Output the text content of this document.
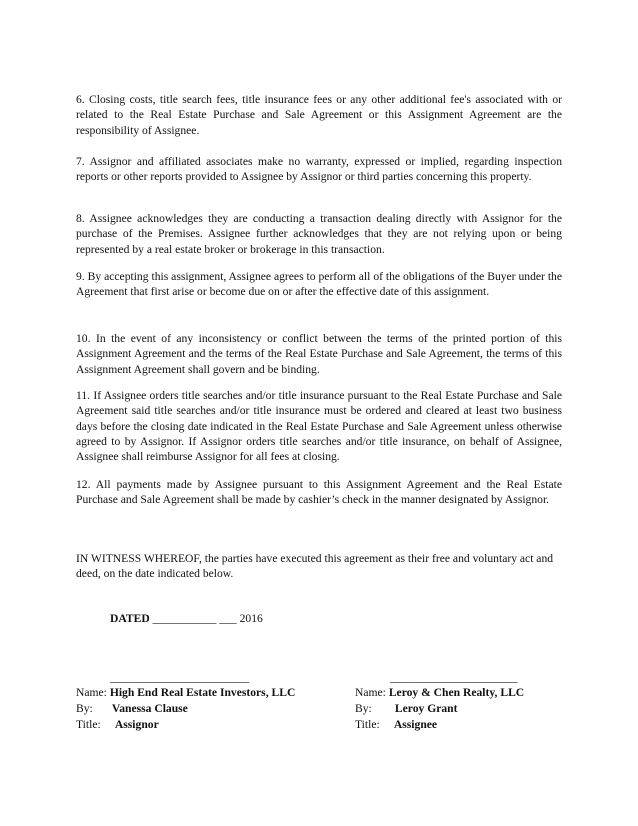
6. Closing costs, title search fees, title insurance fees or any other additional fee's associated with or related to the Real Estate Purchase and Sale Agreement or this Assignment Agreement are the responsibility of Assignee.

7. Assignor and affiliated associates make no warranty, expressed or implied, regarding inspection reports or other reports provided to Assignee by Assignor or third parties concerning this property.

8. Assignee acknowledges they are conducting a transaction dealing directly with Assignor for the purchase of the Premises. Assignee further acknowledges that they are not relying upon or being represented by a real estate broker or brokerage in this transaction.

9. By accepting this assignment, Assignee agrees to perform all of the obligations of the Buyer under the Agreement that first arise or become due on or after the effective date of this assignment.

10. In the event of any inconsistency or conflict between the terms of the printed portion of this Assignment Agreement and the terms of the Real Estate Purchase and Sale Agreement, the terms of this Assignment Agreement shall govern and be binding.

11. If Assignee orders title searches and/or title insurance pursuant to the Real Estate Purchase and Sale Agreement said title searches and/or title insurance must be ordered and cleared at least two business days before the closing date indicated in the Real Estate Purchase and Sale Agreement unless otherwise agreed to by Assignor. If Assignor orders title searches and/or title insurance, on behalf of Assignee, Assignee shall reimburse Assignor for all fees at closing.

12. All payments made by Assignee pursuant to this Assignment Agreement and the Real Estate Purchase and Sale Agreement shall be made by cashier’s check in the manner designated by Assignor.

IN WITNESS WHEREOF, the parties have executed this agreement as their free and voluntary act and deed, on the date indicated below.

DATED ___________ ___ 2016
________________________	______________________
Name: High End Real Estate Investors, LLC
By: Vanessa Clause
Title: Assignor
Name: Leroy & Chen Realty, LLC
By: Leroy Grant
Title: Assignee
